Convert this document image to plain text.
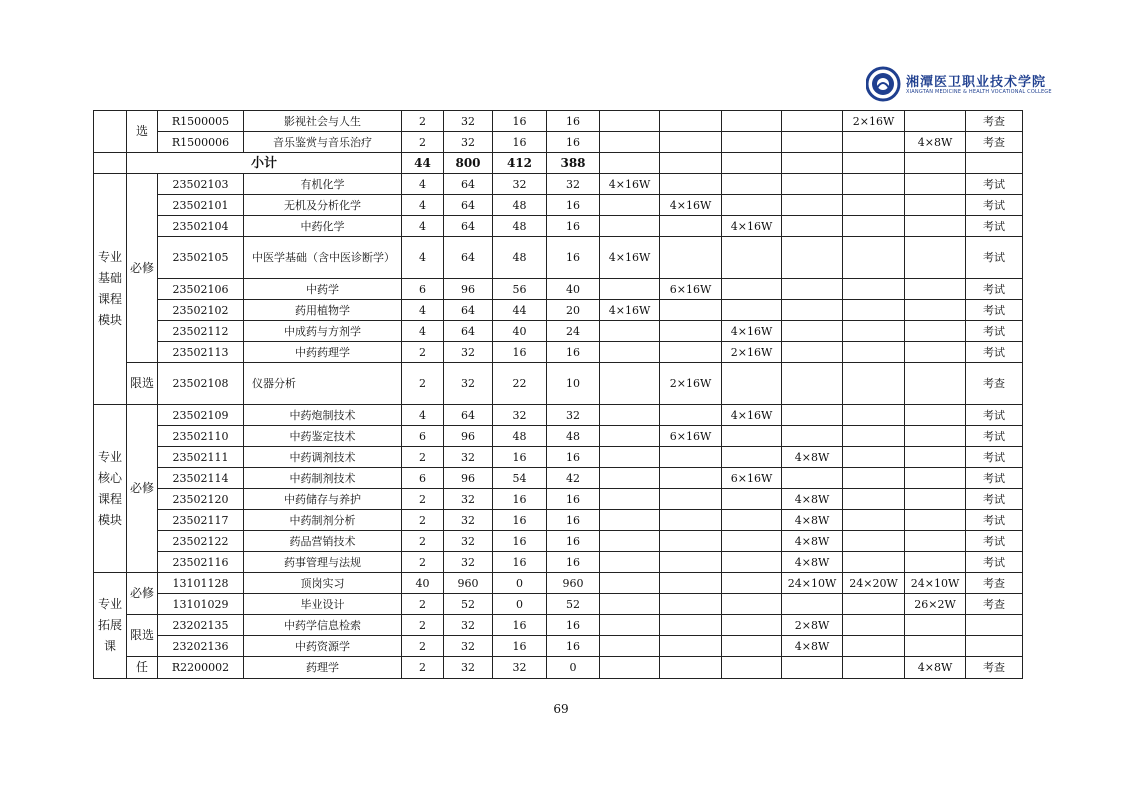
湘潭医卫职业技术学院
XIANGTAN MEDICINE & HEALTH VOCATIONAL COLLEGE
	选	R1500005	影视社会与人生	2	32	16	16					2×16W		考查
		R1500006	音乐鉴赏与音乐治疗	2	32	16	16						4×8W	考查
	小计			44	800	412	388							
专业基础课程模块	必修	23502103	有机化学	4	64	32	32	4×16W						考试
		23502101	无机及分析化学	4	64	48	16		4×16W					考试
		23502104	中药化学	4	64	48	16			4×16W				考试
		23502105	中医学基础（含中医诊断学）	4	64	48	16	4×16W						考试
		23502106	中药学	6	96	56	40		6×16W					考试
		23502102	药用植物学	4	64	44	20	4×16W						考试
		23502112	中成药与方剂学	4	64	40	24			4×16W				考试
		23502113	中药药理学	2	32	16	16			2×16W				考试
	限选	23502108	仪器分析	2	32	22	10		2×16W					考查
专业核心课程模块	必修	23502109	中药炮制技术	4	64	32	32			4×16W				考试
		23502110	中药鉴定技术	6	96	48	48		6×16W					考试
		23502111	中药调剂技术	2	32	16	16				4×8W			考试
		23502114	中药制剂技术	6	96	54	42			6×16W				考试
		23502120	中药储存与养护	2	32	16	16				4×8W			考试
		23502117	中药制剂分析	2	32	16	16				4×8W			考试
		23502122	药品营销技术	2	32	16	16				4×8W			考试
		23502116	药事管理与法规	2	32	16	16				4×8W			考试
专业拓展课	必修	13101128	顶岗实习	40	960	0	960				24×10W	24×20W	24×10W	考查
		13101029	毕业设计	2	52	0	52						26×2W	考查
	限选	23202135	中药学信息检索	2	32	16	16				2×8W			
		23202136	中药资源学	2	32	16	16				4×8W			
	任	R2200002	药理学	2	32	32	0						4×8W	考查
69
